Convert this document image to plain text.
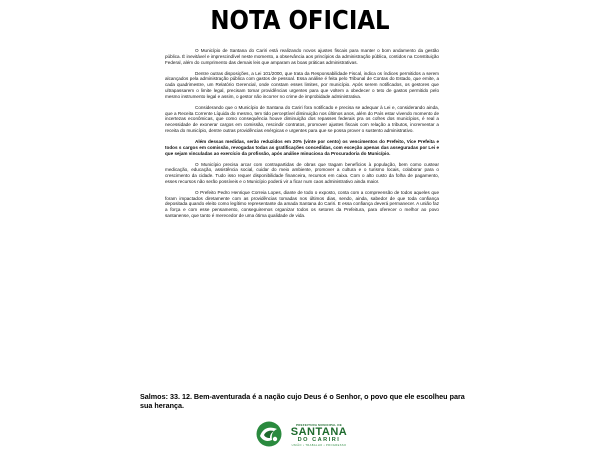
NOTA OFICIAL

O Município de Santana do Cariri está realizando novos ajustes fiscais para manter o bom andamento da gestão pública. É inevitável e imprescindível neste momento, a observância aos princípios da administração pública, contidos na Constituição Federal, além do cumprimento das demais leis que amparam as boas práticas administrativas.

Dentre outras disposições, a Lei 101/2000, que trata da Responsabilidade Fiscal, indica os índices permitidos a serem alcançados pela administração pública com gastos de pessoal. Essa análise é feita pelo Tribunal de Contas do Estado, que emite, a cada quadrimestre, um Relatório Gerencial, onde constam esses limites, por município. Após serem notificados, os gestores que ultrapassarem o limite legal, precisam tomar providências urgentes para que voltem a obedecer o teto de gastos permitido pelo mesmo instrumento legal e assim, o gestor não incorrer no crime de improbidade administrativa.

Considerando que o Município de Santana do Cariri fora notificado e precisa se adequar à Lei e, considerando ainda, que a Receita Corrente Líquida do mesmo, tem tido perceptível diminuição nos últimos anos, além do País estar vivendo momento de incertezas econômicas, que como consequência houve diminuição dos repasses federais pra os cofres dos municípios, é real a necessidade de exonerar cargos em comissão, rescindir contratos, promover ajustes fiscais com relação a tributos, incrementar a receita do município, dentre outras providências enérgicas e urgentes para que se possa prover o sustento administrativo.

Além dessas medidas, serão reduzidos em 20% (vinte por cento) os vencimentos do Prefeito, Vice Prefeita e todos s cargos em comissão, revogadas todas as gratificações concedidas, com exceção apenas das asseguradas por Lei e que sejam vinculadas ao exercício da profissão, após análise minuciosa da Procuradoria do Município.

O Município precisa arcar com contrapartidas de obras que tragam benefícios à população, bem como custear medicação, educação, assistência social, cuidar do meio ambiente, promover a cultura e o turismo locais, colaborar para o crescimento da cidade. Tudo isso requer disponibilidade financeira, recursos em caixa. Com o alto custo da folha de pagamento, esses recursos não serão possíveis e o Município poderá vir a ficar num caos administrativo ainda maior.

O Prefeito Pedro Henrique Correia Lopes, diante de todo o exposto, conta com a compreensão de todos aqueles que foram impactados diretamente com as providências tomadas nos últimos dias, sendo, ainda, sabedor de que toda confiança depositada quando eleito como legítimo representante da amada Santana do Cariri. E essa confiança deverá permanecer. A união faz a força e com esse pensamento, conseguiremos organizar todos os setores da Prefeitura, para oferecer o melhor ao povo santanense, que tanto é merecedor de uma ótima qualidade de vida.

Salmos: 33. 12. Bem-aventurada é a nação cujo Deus é o Senhor, o povo que ele escolheu para sua herança.
PREFEITURA MUNICIPAL DE
SANTANA
DO CARIRI
UNIÃO • TRABALHO • PROGRESSO
